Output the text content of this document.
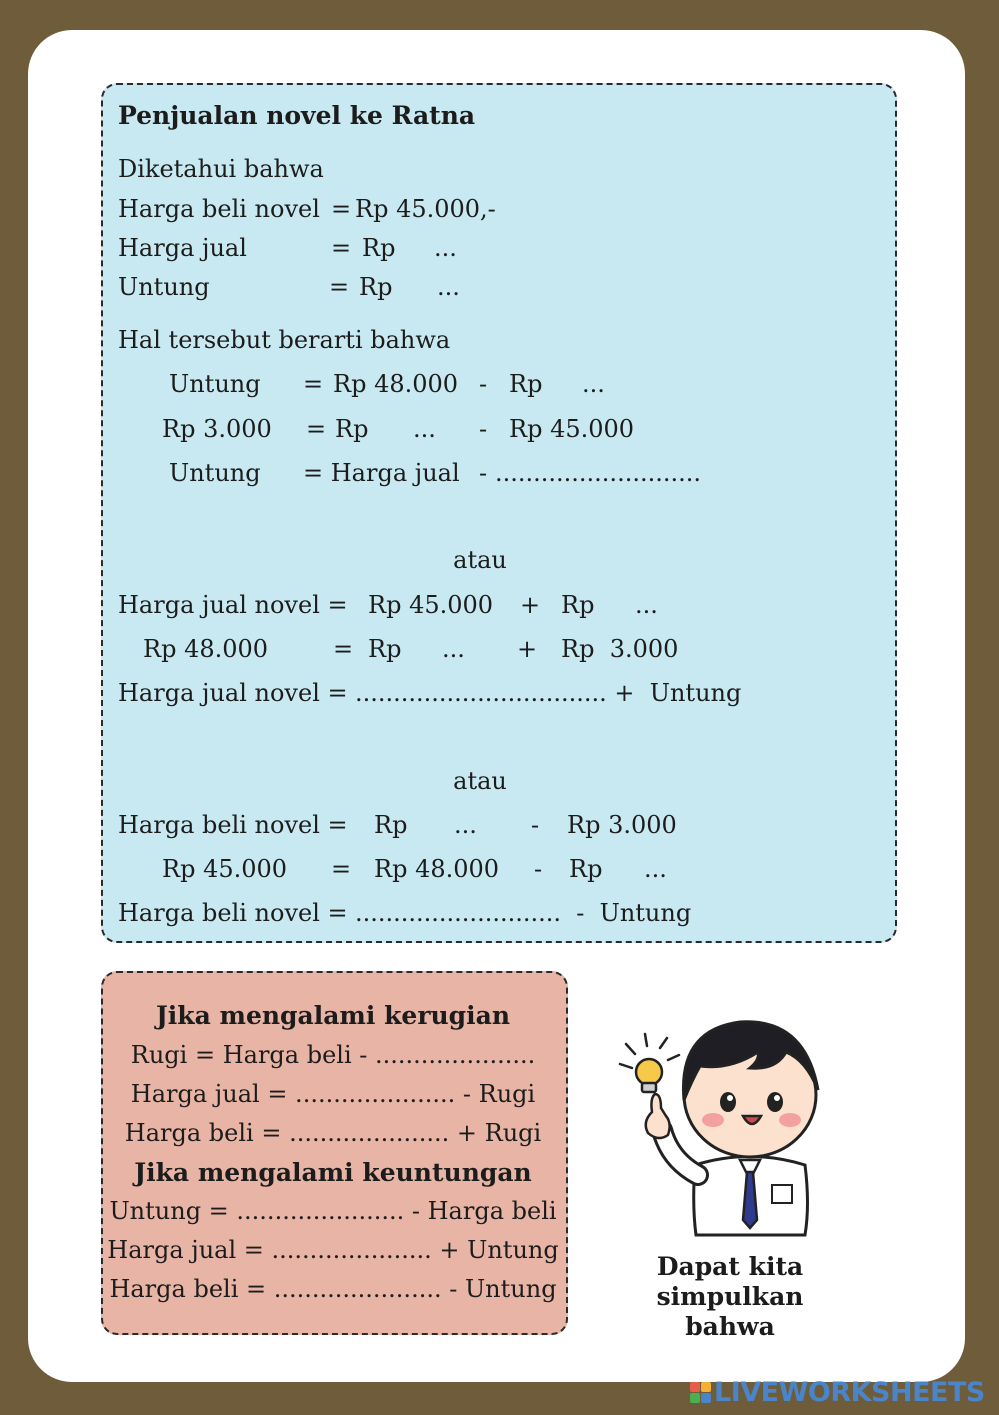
Penjualan novel ke Ratna
Diketahui bahwa
Harga beli novel = Rp 45.000,-
Harga jual	= Rp ...
Untung	= Rp ...
Hal tersebut berarti bahwa
Untung = Rp 48.000 - Rp ...
Rp 3.000 = Rp ... - Rp 45.000
Untung = Harga jual - ...........................
atau
Harga jual novel = Rp 45.000 + Rp ...
Rp 48.000	= Rp ... + Rp  3.000
Harga jual novel = ................................. +  Untung
atau
Harga beli novel = Rp ... - Rp 3.000
Rp 45.000 = Rp 48.000 - Rp ...
Harga beli novel = ...........................  -  Untung
Jika mengalami kerugian
Rugi = Harga beli - .....................
Harga jual = ..................... - Rugi
Harga beli = ..................... + Rugi
Jika mengalami keuntungan
Untung = ...................... - Harga beli
Harga jual = ..................... + Untung
Harga beli = ...................... - Untung
Dapat kita simpulkan
bahwa
LIVEWORKSHEETS
